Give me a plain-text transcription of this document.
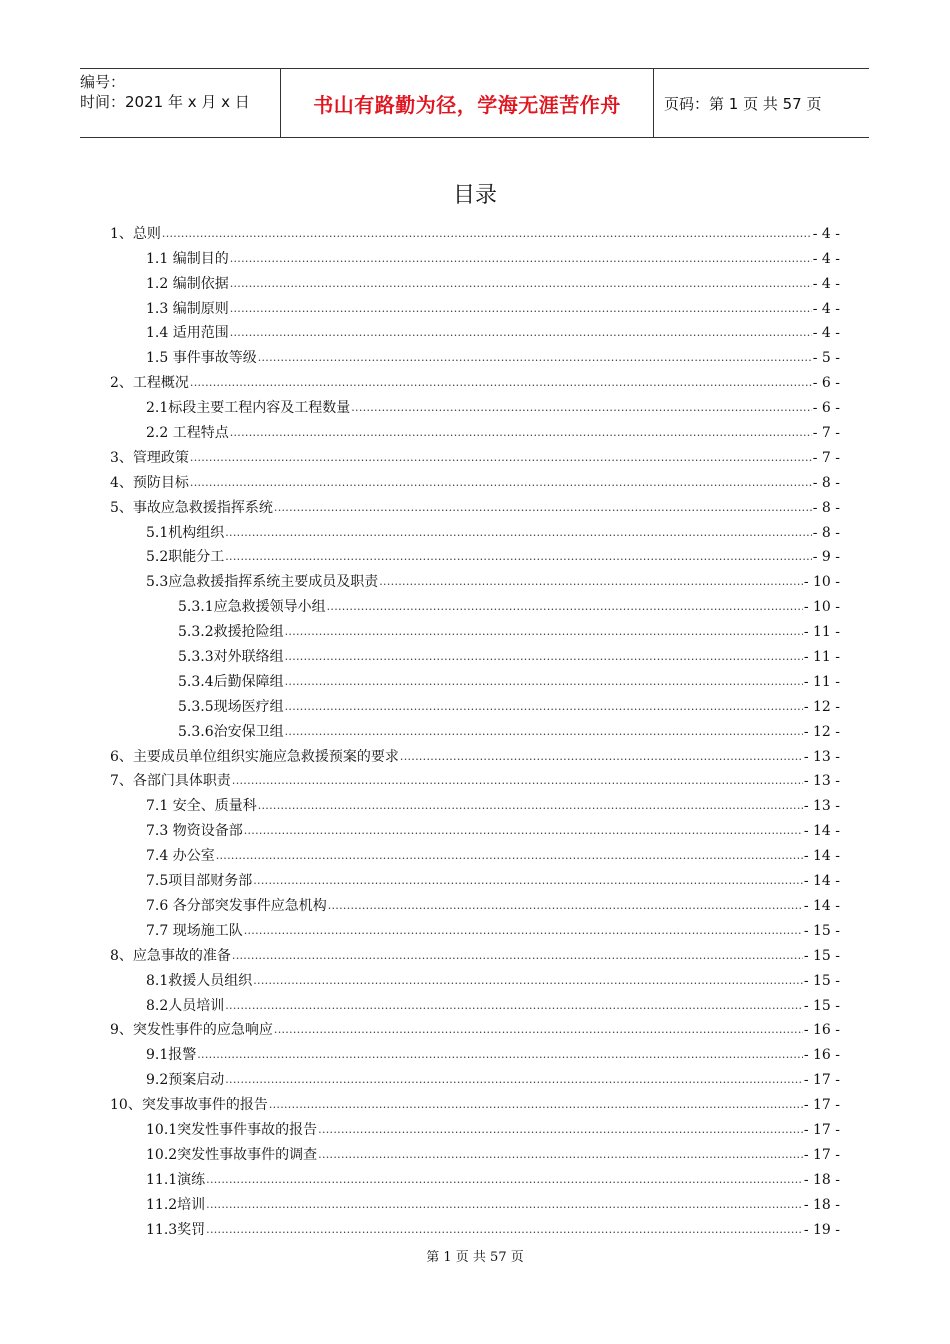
编号：
时间：2021 年 x 月 x 日	书山有路勤为径，学海无涯苦作舟	页码：第 1 页 共 57 页
目录
1、总则 .....	- 4 -
1.1 编制目的 .....	- 4 -
1.2 编制依据 .....	- 4 -
1.3 编制原则 .....	- 4 -
1.4 适用范围 .....	- 4 -
1.5 事件事故等级 .....	- 5 -
2、工程概况 .....	- 6 -
2.1标段主要工程内容及工程数量 .....	- 6 -
2.2 工程特点 .....	- 7 -
3、管理政策 .....	- 7 -
4、预防目标 .....	- 8 -
5、事故应急救援指挥系统 .....	- 8 -
5.1机构组织 .....	- 8 -
5.2职能分工 .....	- 9 -
5.3应急救援指挥系统主要成员及职责 .....	- 10 -
5.3.1应急救援领导小组 .....	- 10 -
5.3.2救援抢险组 .....	- 11 -
5.3.3对外联络组 .....	- 11 -
5.3.4后勤保障组 .....	- 11 -
5.3.5现场医疗组 .....	- 12 -
5.3.6治安保卫组 .....	- 12 -
6、主要成员单位组织实施应急救援预案的要求 .....	- 13 -
7、各部门具体职责 .....	- 13 -
7.1 安全、质量科 .....	- 13 -
7.3 物资设备部 .....	- 14 -
7.4 办公室 .....	- 14 -
7.5项目部财务部 .....	- 14 -
7.6 各分部突发事件应急机构 .....	- 14 -
7.7 现场施工队 .....	- 15 -
8、应急事故的准备 .....	- 15 -
8.1救援人员组织 .....	- 15 -
8.2人员培训 .....	- 15 -
9、突发性事件的应急响应 .....	- 16 -
9.1报警 .....	- 16 -
9.2预案启动 .....	- 17 -
10、突发事故事件的报告 .....	- 17 -
10.1突发性事件事故的报告 .....	- 17 -
10.2突发性事故事件的调查 .....	- 17 -
11.1演练 .....	- 18 -
11.2培训 .....	- 18 -
11.3奖罚 .....	- 19 -
第 1 页 共 57 页
